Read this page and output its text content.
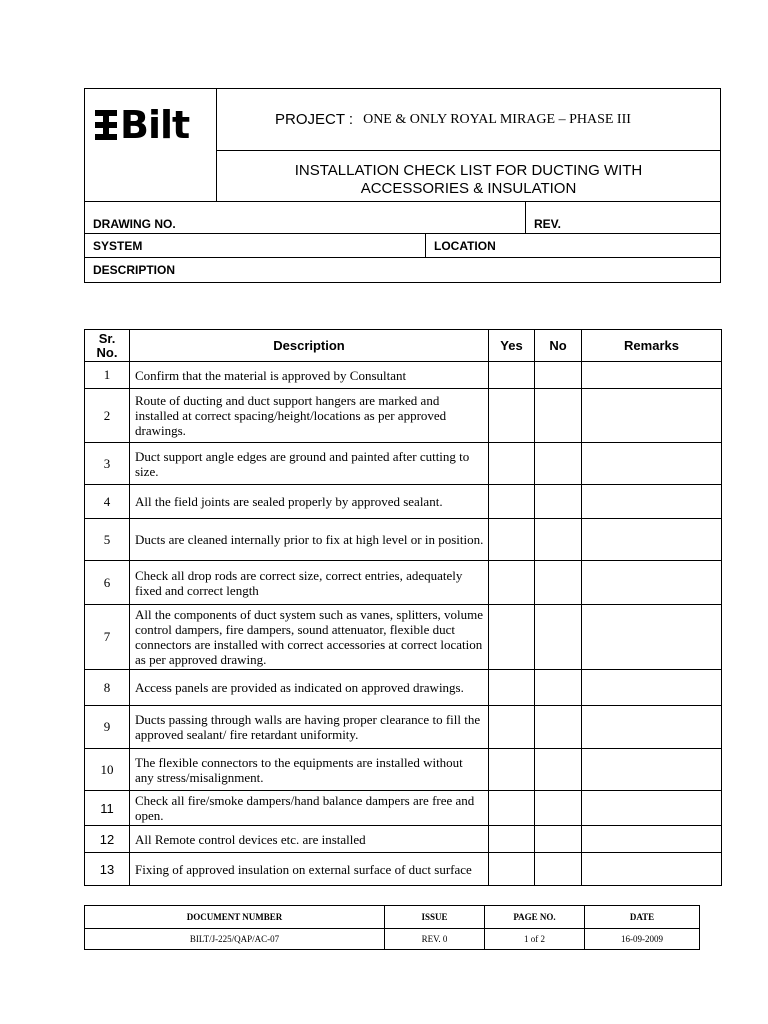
Bilt	PROJECT : ONE & ONLY ROYAL MIRAGE – PHASE III
INSTALLATION CHECK LIST FOR DUCTING WITH
ACCESSORIES & INSULATION
DRAWING NO.		REV.
SYSTEM	LOCATION	
DESCRIPTION		
Sr.
No.	Description	Yes	No	Remarks
1	Confirm that the material is approved by Consultant			
2	Route of ducting and duct support hangers are marked and installed at correct spacing/height/locations as per approved drawings.			
3	Duct support angle edges are ground and painted after cutting to size.			
4	All the field joints are sealed properly by approved sealant.			
5	Ducts are cleaned internally prior to fix at high level or in position.			
6	Check all drop rods are correct size, correct entries, adequately fixed and correct length			
7	All the components of duct system such as vanes, splitters, volume control dampers, fire dampers, sound attenuator, flexible duct connectors are installed with correct accessories at correct location as per approved drawing.			
8	Access panels are provided as indicated on approved drawings.			
9	Ducts passing through walls are having proper clearance to fill the approved sealant/ fire retardant uniformity.			
10	The flexible connectors to the equipments are installed without any stress/misalignment.			
11	Check all fire/smoke dampers/hand balance dampers are free and open.			
12	All Remote control devices etc. are installed			
13	Fixing of approved insulation on external surface of duct surface			
DOCUMENT NUMBER	ISSUE	PAGE NO.	DATE
BILT/J-225/QAP/AC-07	REV. 0	1 of 2	16-09-2009
